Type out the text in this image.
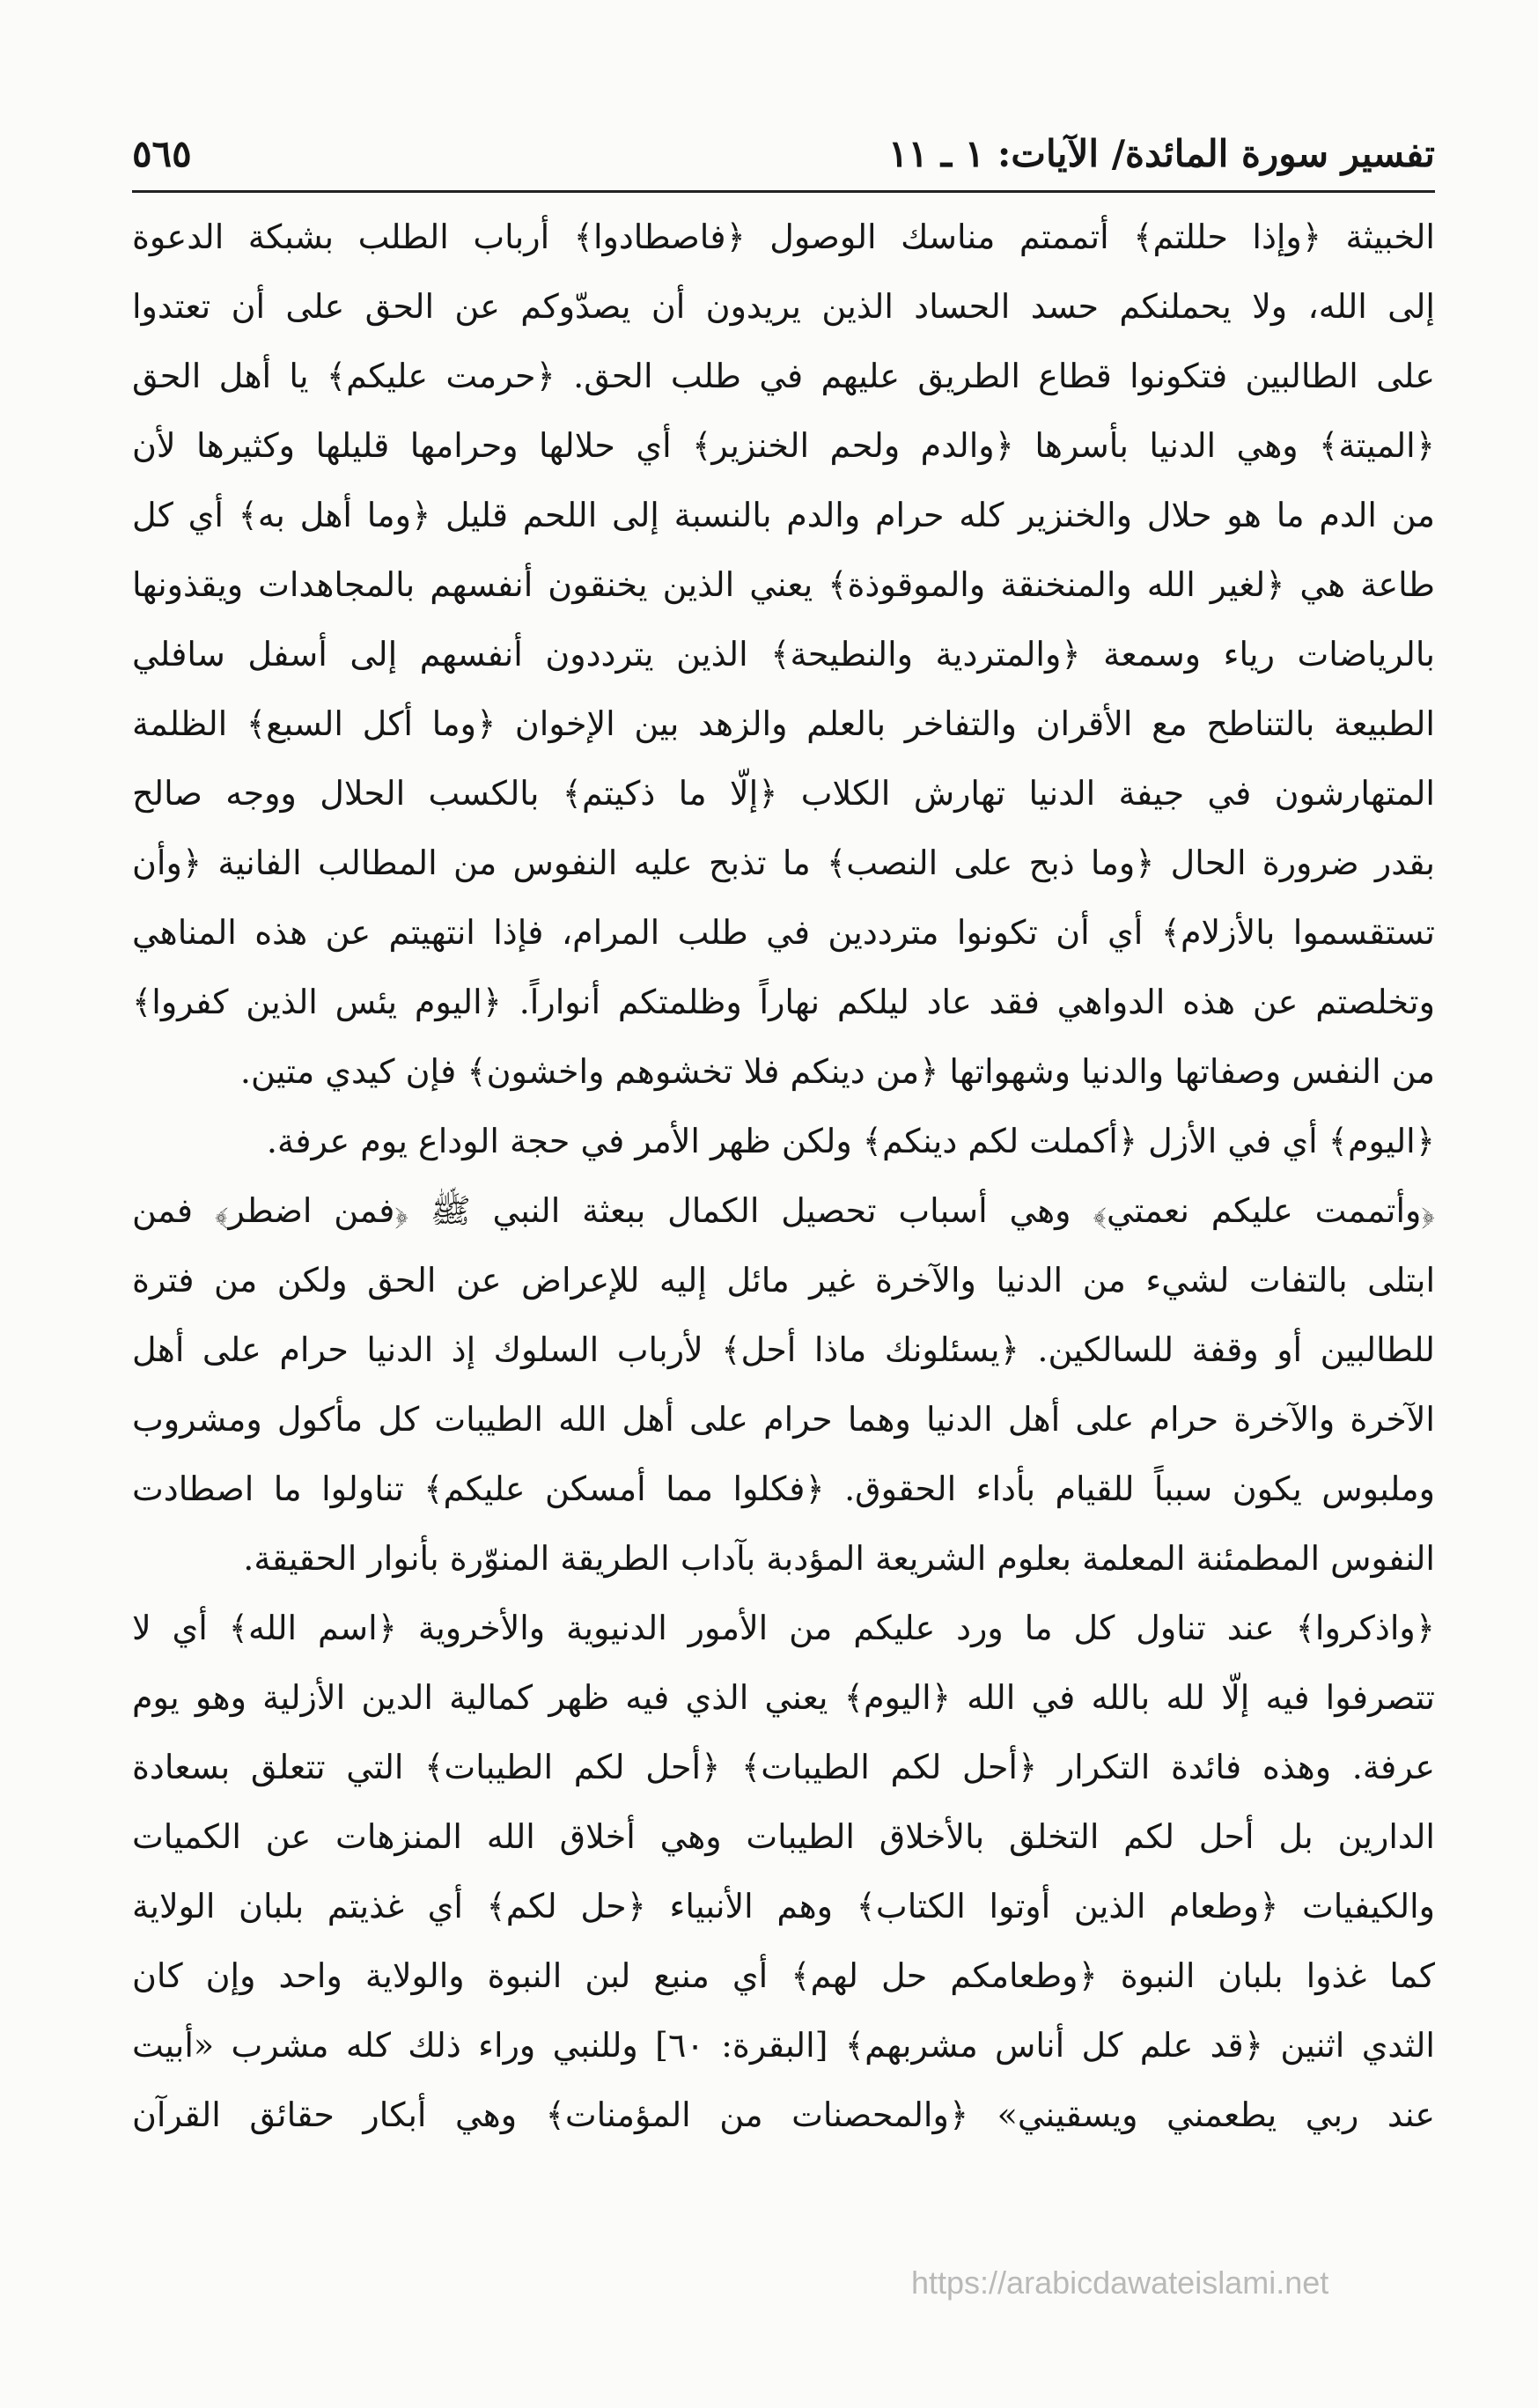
تفسير سورة المائدة/ الآيات: ١ ـ ١١
٥٦٥
الخبيثة ﴿وإذا حللتم﴾ أتممتم مناسك الوصول ﴿فاصطادوا﴾ أرباب الطلب بشبكة الدعوة
إلى الله، ولا يحملنكم حسد الحساد الذين يريدون أن يصدّوكم عن الحق على أن تعتدوا
على الطالبين فتكونوا قطاع الطريق عليهم في طلب الحق. ﴿حرمت عليكم﴾ يا أهل الحق
﴿الميتة﴾ وهي الدنيا بأسرها ﴿والدم ولحم الخنزير﴾ أي حلالها وحرامها قليلها وكثيرها لأن
من الدم ما هو حلال والخنزير كله حرام والدم بالنسبة إلى اللحم قليل ﴿وما أهل به﴾ أي كل
طاعة هي ﴿لغير الله والمنخنقة والموقوذة﴾ يعني الذين يخنقون أنفسهم بالمجاهدات ويقذونها
بالرياضات رياء وسمعة ﴿والمتردية والنطيحة﴾ الذين يترددون أنفسهم إلى أسفل سافلي
الطبيعة بالتناطح مع الأقران والتفاخر بالعلم والزهد بين الإخوان ﴿وما أكل السبع﴾ الظلمة
المتهارشون في جيفة الدنيا تهارش الكلاب ﴿إلّا ما ذكيتم﴾ بالكسب الحلال ووجه صالح
بقدر ضرورة الحال ﴿وما ذبح على النصب﴾ ما تذبح عليه النفوس من المطالب الفانية ﴿وأن
تستقسموا بالأزلام﴾ أي أن تكونوا مترددين في طلب المرام، فإذا انتهيتم عن هذه المناهي
وتخلصتم عن هذه الدواهي فقد عاد ليلكم نهاراً وظلمتكم أنواراً. ﴿اليوم يئس الذين كفروا﴾
من النفس وصفاتها والدنيا وشهواتها ﴿من دينكم فلا تخشوهم واخشون﴾ فإن كيدي متين.
﴿اليوم﴾ أي في الأزل ﴿أكملت لكم دينكم﴾ ولكن ظهر الأمر في حجة الوداع يوم عرفة.
﴿وأتممت عليكم نعمتي﴾ وهي أسباب تحصيل الكمال ببعثة النبي ﷺ ﴿فمن اضطر﴾ فمن
ابتلى بالتفات لشيء من الدنيا والآخرة غير مائل إليه للإعراض عن الحق ولكن من فترة
للطالبين أو وقفة للسالكين. ﴿يسئلونك ماذا أحل﴾ لأرباب السلوك إذ الدنيا حرام على أهل
الآخرة والآخرة حرام على أهل الدنيا وهما حرام على أهل الله الطيبات كل مأكول ومشروب
وملبوس يكون سبباً للقيام بأداء الحقوق. ﴿فكلوا مما أمسكن عليكم﴾ تناولوا ما اصطادت
النفوس المطمئنة المعلمة بعلوم الشريعة المؤدبة بآداب الطريقة المنوّرة بأنوار الحقيقة.
﴿واذكروا﴾ عند تناول كل ما ورد عليكم من الأمور الدنيوية والأخروية ﴿اسم الله﴾ أي لا
تتصرفوا فيه إلّا لله بالله في الله ﴿اليوم﴾ يعني الذي فيه ظهر كمالية الدين الأزلية وهو يوم
عرفة. وهذه فائدة التكرار ﴿أحل لكم الطيبات﴾ ﴿أحل لكم الطيبات﴾ التي تتعلق بسعادة
الدارين بل أحل لكم التخلق بالأخلاق الطيبات وهي أخلاق الله المنزهات عن الكميات
والكيفيات ﴿وطعام الذين أوتوا الكتاب﴾ وهم الأنبياء ﴿حل لكم﴾ أي غذيتم بلبان الولاية
كما غذوا بلبان النبوة ﴿وطعامكم حل لهم﴾ أي منبع لبن النبوة والولاية واحد وإن كان
الثدي اثنين ﴿قد علم كل أناس مشربهم﴾ [البقرة: ٦٠] وللنبي وراء ذلك كله مشرب «أبيت
عند ربي يطعمني ويسقيني» ﴿والمحصنات من المؤمنات﴾ وهي أبكار حقائق القرآن
https://arabicdawateislami.net
